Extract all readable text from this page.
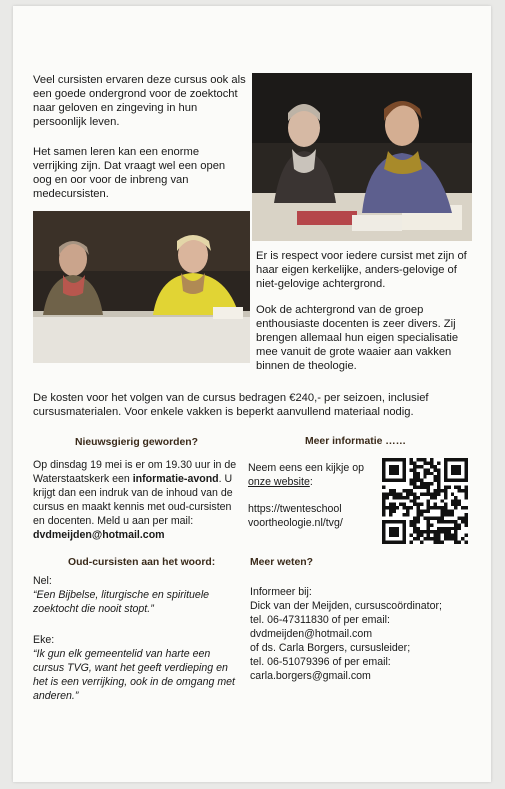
Veel cursisten ervaren deze cursus ook als een goede ondergrond voor de zoektocht naar geloven en zingeving in hun persoonlijk leven.

Het samen leren kan een enorme verrijking zijn. Dat vraagt wel een open oog en oor voor de inbreng van medecursisten.

Er is respect voor iedere cursist met zijn of haar eigen kerkelijke, anders-gelovige of niet-gelovige achtergrond.

Ook de achtergrond van de groep enthousiaste docenten is zeer divers. Zij brengen allemaal hun eigen specialisatie mee vanuit de grote waaier aan vakken binnen de theologie.

De kosten voor het volgen van de cursus bedragen €240,- per seizoen, inclusief cursusmaterialen. Voor enkele vakken is beperkt aanvullend materiaal nodig.

Nieuwsgierig geworden?	Meer informatie ……

Op dinsdag 19 mei is er om 19.30 uur in de Waterstaatskerk een informatie-avond. U krijgt dan een indruk van de inhoud van de cursus en maakt kennis met oud-cursisten en docenten. Meld u aan per mail: dvdmeijden@hotmail.com

Neem eens een kijkje op onze website:

https://twenteschool voortheologie.nl/tvg/

Oud-cursisten aan het woord:

Nel:

“Een Bijbelse, liturgische en spirituele zoektocht die nooit stopt.”

Eke:

“Ik gun elk gemeentelid van harte een cursus TVG, want het geeft verdieping en het is een verrijking, ook in de omgang met anderen.”

Meer weten?
Informeer bij:
Dick van der Meijden, cursuscoördinator;
tel. 06-47311830 of per email:
dvdmeijden@hotmail.com
of ds. Carla Borgers, cursusleider;
tel. 06-51079396 of per email:
carla.borgers@gmail.com
